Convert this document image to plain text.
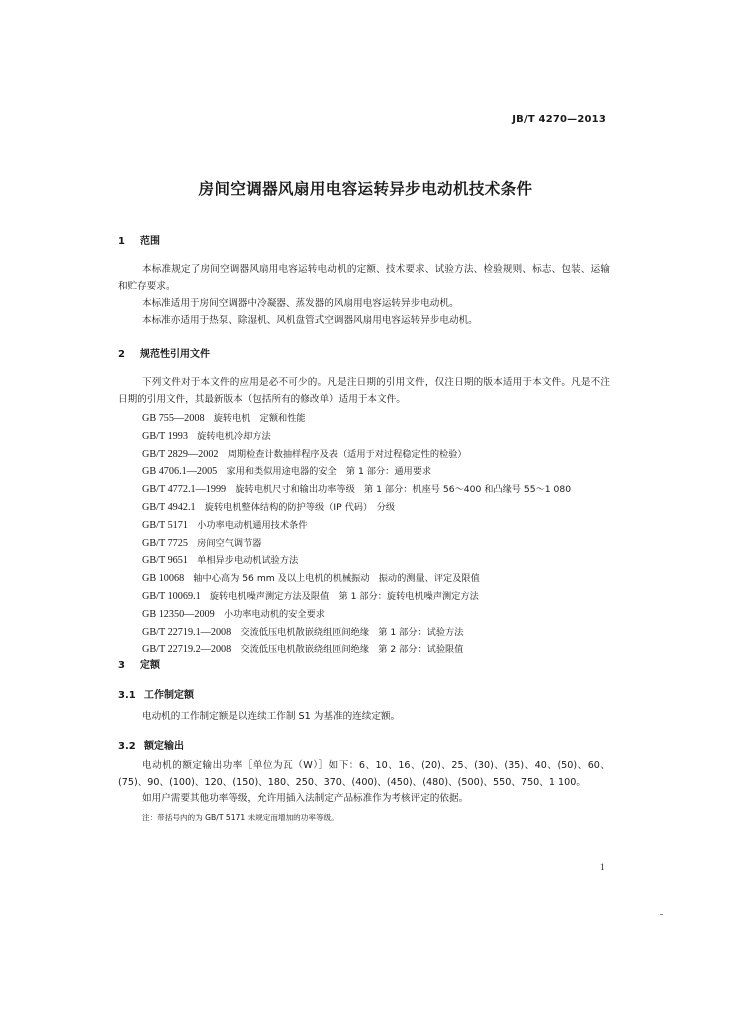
JB/T 4270—2013
房间空调器风扇用电容运转异步电动机技术条件
1 范围

本标准规定了房间空调器风扇用电容运转电动机的定额、技术要求、试验方法、检验规则、标志、包装、运输和贮存要求。

本标准适用于房间空调器中冷凝器、蒸发器的风扇用电容运转异步电动机。

本标准亦适用于热泵、除湿机、风机盘管式空调器风扇用电容运转异步电动机。

2 规范性引用文件

下列文件对于本文件的应用是必不可少的。凡是注日期的引用文件，仅注日期的版本适用于本文件。凡是不注日期的引用文件，其最新版本（包括所有的修改单）适用于本文件。

GB 755—2008  旋转电机　定额和性能
GB/T 1993  旋转电机冷却方法
GB/T 2829—2002  周期检查计数抽样程序及表（适用于对过程稳定性的检验）
GB 4706.1—2005  家用和类似用途电器的安全　第 1 部分：通用要求
GB/T 4772.1—1999  旋转电机尺寸和输出功率等级　第 1 部分：机座号 56～400 和凸缘号 55～1 080
GB/T 4942.1  旋转电机整体结构的防护等级（IP 代码）　分级
GB/T 5171  小功率电动机通用技术条件
GB/T 7725  房间空气调节器
GB/T 9651  单相异步电动机试验方法
GB 10068  轴中心高为 56 mm 及以上电机的机械振动　振动的测量、评定及限值
GB/T 10069.1  旋转电机噪声测定方法及限值　第 1 部分：旋转电机噪声测定方法
GB 12350—2009  小功率电动机的安全要求
GB/T 22719.1—2008  交流低压电机散嵌绕组匝间绝缘　第 1 部分：试验方法
GB/T 22719.2—2008  交流低压电机散嵌绕组匝间绝缘　第 2 部分：试验限值
3 定额
3.1 工作制定额

电动机的工作制定额是以连续工作制 S1 为基准的连续定额。

3.2 额定输出

电动机的额定输出功率［单位为瓦（W）］如下：6、10、16、(20)、25、(30)、(35)、40、(50)、60、(75)、90、(100)、120、(150)、180、250、370、(400)、(450)、(480)、(500)、550、750、1 100。

如用户需要其他功率等级，允许用插入法制定产品标准作为考核评定的依据。

注：带括号内的为 GB/T 5171 未规定而增加的功率等级。
1
